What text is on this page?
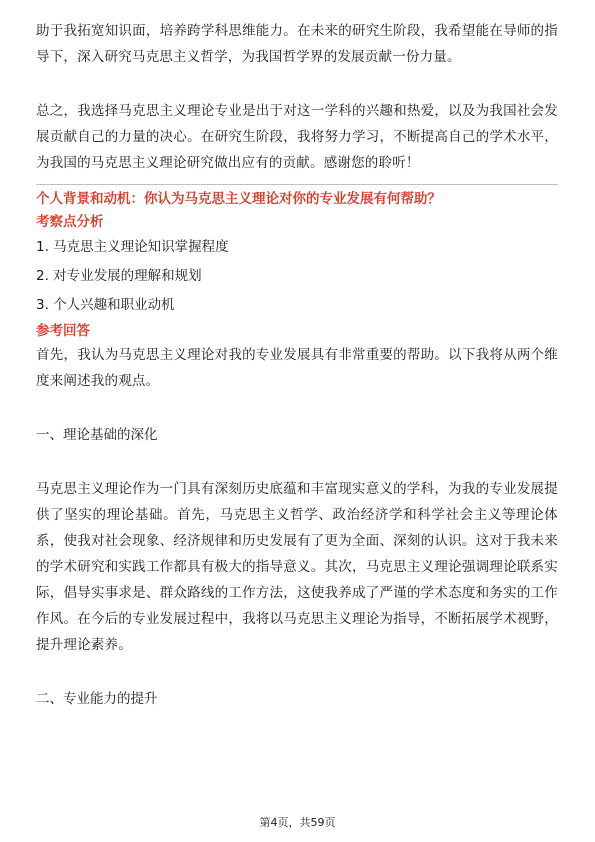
助于我拓宽知识面，培养跨学科思维能力。在未来的研究生阶段，我希望能在导师的指导下，深入研究马克思主义哲学，为我国哲学界的发展贡献一份力量。

总之，我选择马克思主义理论专业是出于对这一学科的兴趣和热爱，以及为我国社会发展贡献自己的力量的决心。在研究生阶段，我将努力学习，不断提高自己的学术水平，为我国的马克思主义理论研究做出应有的贡献。感谢您的聆听！

个人背景和动机：你认为马克思主义理论对你的专业发展有何帮助？

考察点分析

1. 马克思主义理论知识掌握程度

2. 对专业发展的理解和规划

3. 个人兴趣和职业动机

参考回答

首先，我认为马克思主义理论对我的专业发展具有非常重要的帮助。以下我将从两个维度来阐述我的观点。

一、理论基础的深化

马克思主义理论作为一门具有深刻历史底蕴和丰富现实意义的学科，为我的专业发展提供了坚实的理论基础。首先，马克思主义哲学、政治经济学和科学社会主义等理论体系，使我对社会现象、经济规律和历史发展有了更为全面、深刻的认识。这对于我未来的学术研究和实践工作都具有极大的指导意义。其次，马克思主义理论强调理论联系实际，倡导实事求是、群众路线的工作方法，这使我养成了严谨的学术态度和务实的工作作风。在今后的专业发展过程中，我将以马克思主义理论为指导，不断拓展学术视野，提升理论素养。

二、专业能力的提升

第4页，共59页
